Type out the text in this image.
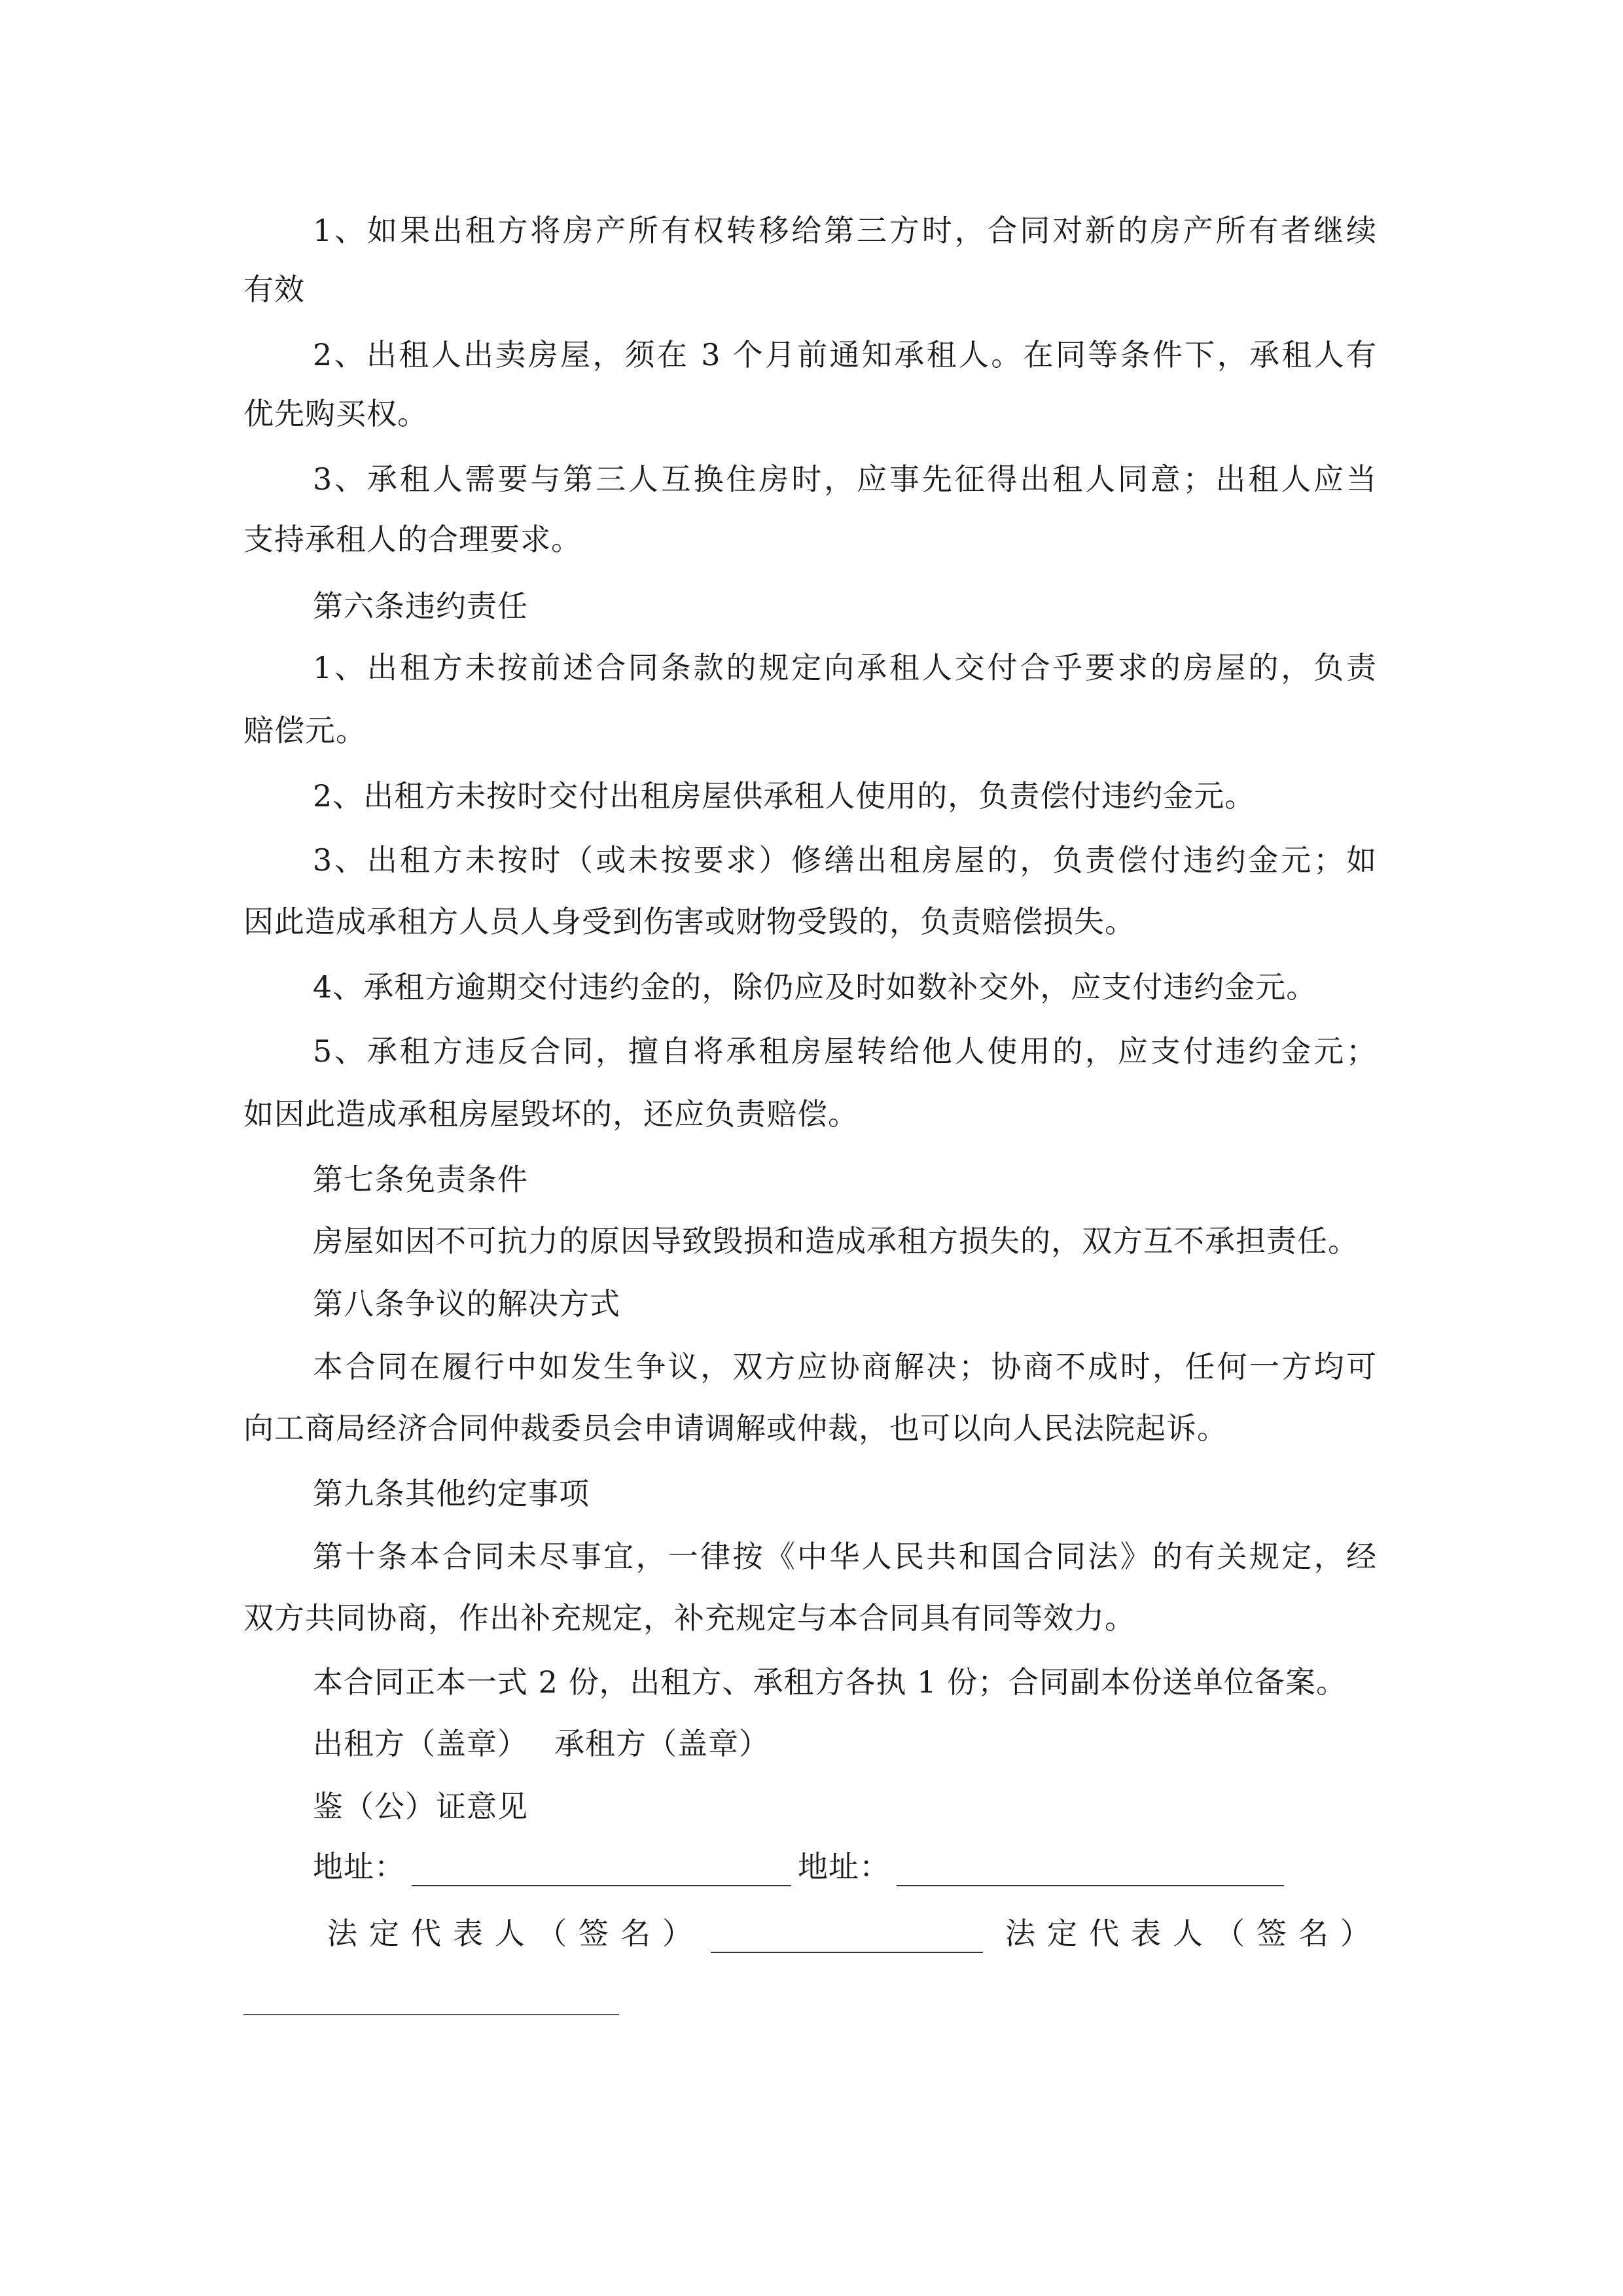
1、如果出租方将房产所有权转移给第三方时，合同对新的房产所有者继续
有效
2、出租人出卖房屋，须在 3 个月前通知承租人。在同等条件下，承租人有
优先购买权。
3、承租人需要与第三人互换住房时，应事先征得出租人同意；出租人应当
支持承租人的合理要求。
第六条违约责任
1、出租方未按前述合同条款的规定向承租人交付合乎要求的房屋的，负责
赔偿元。
2、出租方未按时交付出租房屋供承租人使用的，负责偿付违约金元。
3、出租方未按时（或未按要求）修缮出租房屋的，负责偿付违约金元；如
因此造成承租方人员人身受到伤害或财物受毁的，负责赔偿损失。
4、承租方逾期交付违约金的，除仍应及时如数补交外，应支付违约金元。
5、承租方违反合同，擅自将承租房屋转给他人使用的，应支付违约金元；
如因此造成承租房屋毁坏的，还应负责赔偿。
第七条免责条件
房屋如因不可抗力的原因导致毁损和造成承租方损失的，双方互不承担责任。
第八条争议的解决方式
本合同在履行中如发生争议，双方应协商解决；协商不成时，任何一方均可
向工商局经济合同仲裁委员会申请调解或仲裁，也可以向人民法院起诉。
第九条其他约定事项
第十条本合同未尽事宜，一律按《中华人民共和国合同法》的有关规定，经
双方共同协商，作出补充规定，补充规定与本合同具有同等效力。
本合同正本一式 2 份，出租方、承租方各执 1 份；合同副本份送单位备案。
出租方（盖章） 承租方（盖章）
鉴（公）证意见
地址：	地址：
法定代表人（签名）	法定代表人（签名）
